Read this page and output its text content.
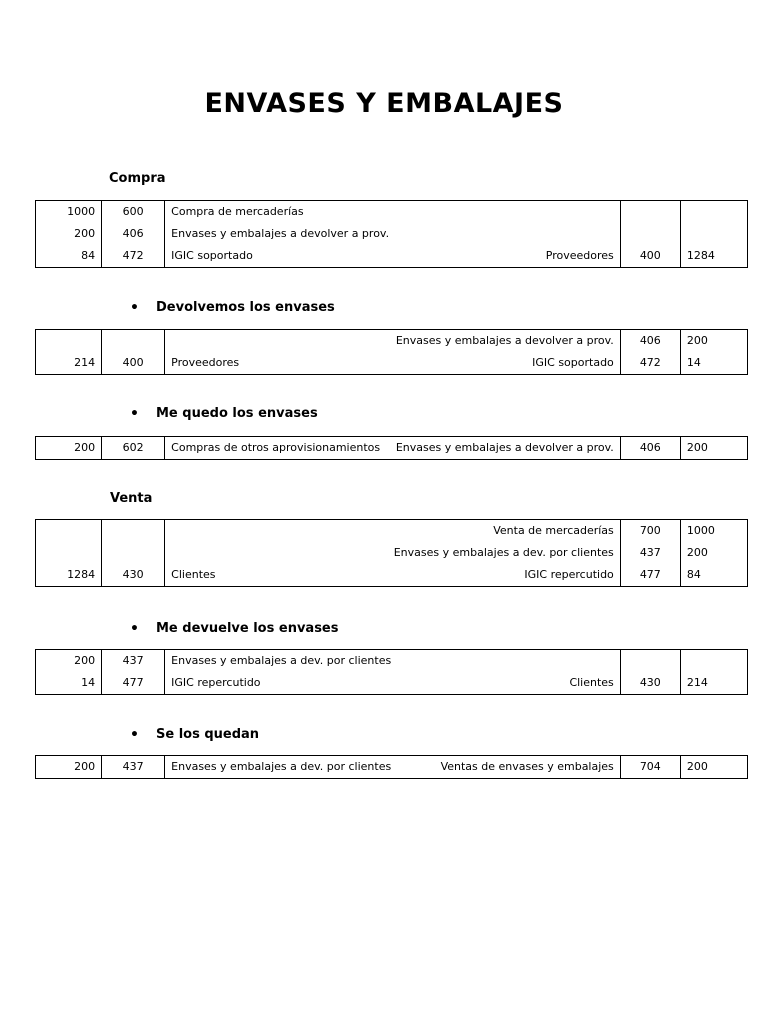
ENVASES Y EMBALAJES
Compra
1000	600	Compra de mercaderías		

200	406	Envases y embalajes a devolver a prov.		

84	472	IGIC soportado Proveedores	400	1284
• Devolvemos los envases

		Envases y embalajes a devolver a prov.	406	200
214	400	Proveedores IGIC soportado	472	14
• Me quedo los envases
200	602	Compras de otros aprovisionamientos Envases y embalajes a devolver a prov.	406	200
Venta

		Venta de mercaderías	700	1000

		Envases y embalajes a dev. por clientes	437	200
1284	430	Clientes IGIC repercutido	477	84
• Me devuelve los envases
200	437	Envases y embalajes a dev. por clientes		

14	477	IGIC repercutido Clientes	430	214
• Se los quedan
200	437	Envases y embalajes a dev. por clientes	Ventas de envases y embalajes	704	200
